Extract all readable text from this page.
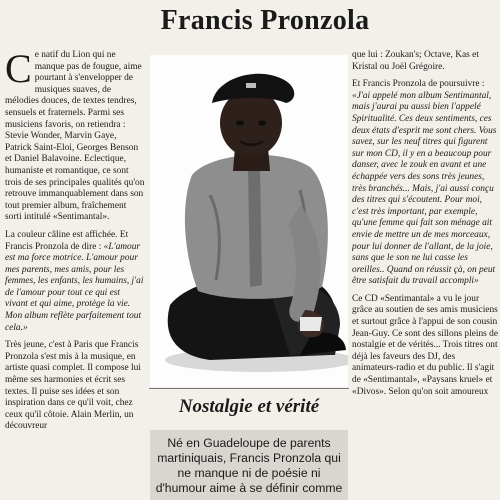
Francis Pronzola

Ce natif du Lion qui ne manque pas de fougue, aime pourtant à s'envelopper de musiques suaves, de mélodies douces, de textes tendres, sensuels et fraternels. Parmi ses musiciens favoris, on retiendra : Stevie Wonder, Marvin Gaye, Patrick Saint-Eloi, Georges Benson et Daniel Balavoine. Eclectique, humaniste et romantique, ce sont trois de ses principales qualités qu'on retrouve immanquablement dans son tout premier album, fraîchement sorti intitulé «Sentimantal».

La couleur câline est affichée. Et Francis Pronzola de dire : «L'amour est ma force motrice. L'amour pour mes parents, mes amis, pour les femmes, les enfants, les humains, j'ai de l'amour pour tout ce qui est vivant et qui aime, protège la vie. Mon album reflète parfaitement tout cela.»

Très jeune, c'est à Paris que Francis Pronzola s'est mis à la musique, en artiste quasi complet. Il compose lui même ses harmonies et écrit ses textes. Il puise ses idées et son inspiration dans ce qu'il voit, chez ceux qu'il côtoie. Alain Merlin, un découvreur

Nostalgie et vérité

Né en Guadeloupe de parents martiniquais, Francis Pronzola qui ne manque ni de poésie ni d'humour aime à se définir comme

que lui : Zoukan's; Octave, Kas et Kristal ou Joël Grégoire.

Et Francis Pronzola de poursuivre : «J'ai appelé mon album Sentimantal, mais j'aurai pu aussi bien l'appelé Spiritualité. Ces deux sentiments, ces deux états d'esprit me sont chers. Vous savez, sur les neuf titres qui figurent sur mon CD, il y en a beaucoup pour danser, avec le zouk en avant et une échappée vers des sons très jeunes, très branchés... Mais, j'ai aussi conçu des titres qui s'écoutent. Pour moi, c'est très important, par exemple, qu'une femme qui fait son ménage ait envie de mettre un de mes morceaux, pour lui donner de l'allant, de la joie, sans que le son ne lui casse les oreilles.. Quand on réussit çà, on peut être satisfait du travail accompli»

Ce CD «Sentimantal» a vu le jour grâce au soutien de ses amis musiciens et surtout grâce à l'appui de son cousin Jean-Guy. Ce sont des sillons pleins de nostalgie et de vérités... Trois titres ont déjà les faveurs des DJ, des animateurs-radio et du public. Il s'agit de «Sentimantal», «Paysans kruel» et «Divos». Selon qu'on soit amoureux
